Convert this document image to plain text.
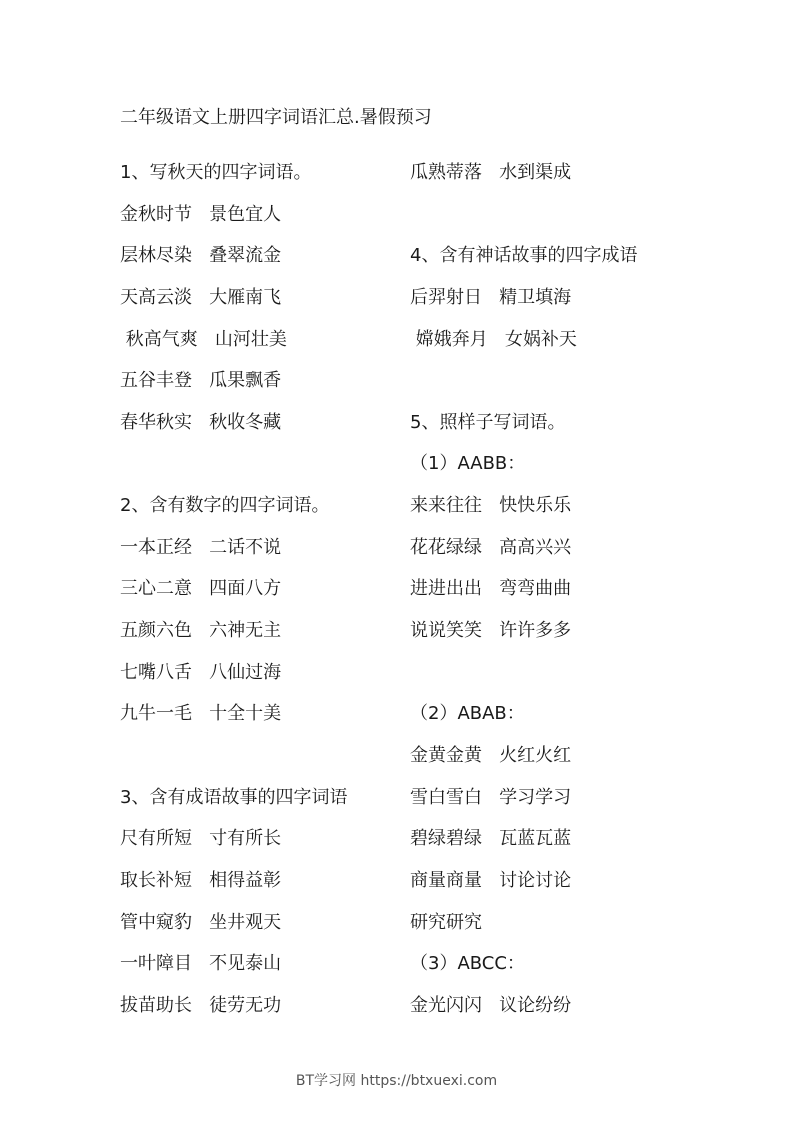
二年级语文上册四字词语汇总.暑假预习
1、写秋天的四字词语。
金秋时节   景色宜人
层林尽染   叠翠流金
天高云淡   大雁南飞
秋高气爽   山河壮美
五谷丰登   瓜果飘香
春华秋实   秋收冬藏
2、含有数字的四字词语。
一本正经   二话不说
三心二意   四面八方
五颜六色   六神无主
七嘴八舌   八仙过海
九牛一毛   十全十美
3、含有成语故事的四字词语
尺有所短   寸有所长
取长补短   相得益彰
管中窥豹   坐井观天
一叶障目   不见泰山
拔苗助长   徒劳无功
瓜熟蒂落   水到渠成
4、含有神话故事的四字成语
后羿射日   精卫填海
嫦娥奔月   女娲补天
5、照样子写词语。
（1）AABB：
来来往往   快快乐乐
花花绿绿   高高兴兴
进进出出   弯弯曲曲
说说笑笑   许许多多
（2）ABAB：
金黄金黄   火红火红
雪白雪白   学习学习
碧绿碧绿   瓦蓝瓦蓝
商量商量   讨论讨论
研究研究
（3）ABCC：
金光闪闪   议论纷纷
BT学习网 https://btxuexi.com
